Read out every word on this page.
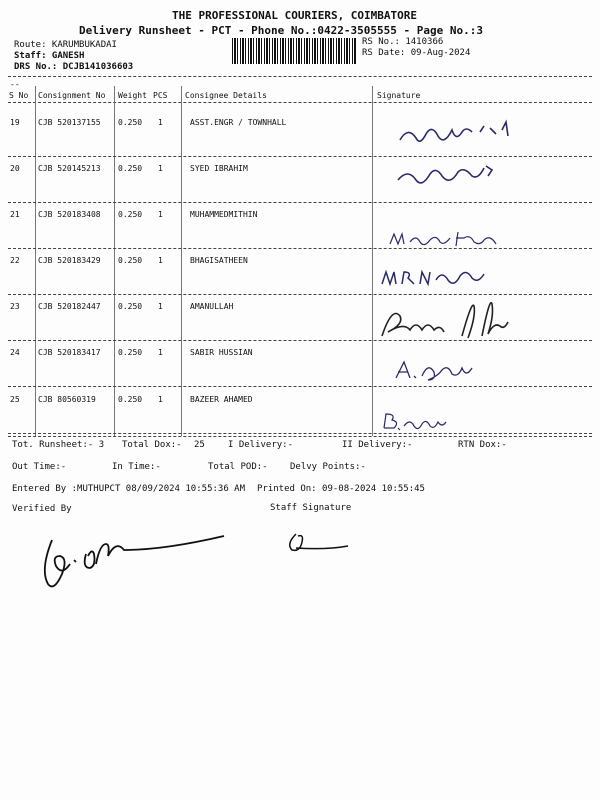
THE PROFESSIONAL COURIERS, COIMBATORE
Delivery Runsheet - PCT - Phone No.:0422-3505555 - Page No.:3
Route: KARUMBUKADAI
Staff: GANESH
DRS No.: DCJB141036603
RS No.: 1410366
RS Date: 09-Aug-2024
--
S No Consignment No Weight PCS Consignee Details	Signature
19 CJB 520137155 0.250 1	ASST.ENGR / TOWNHALL
20 CJB 520145213 0.250 1	SYED IBRAHIM
21 CJB 520183408 0.250 1	MUHAMMEDMITHIN
22 CJB 520183429 0.250 1	BHAGISATHEEN
23 CJB 520182447 0.250 1	AMANULLAH
24 CJB 520183417 0.250 1	SABIR HUSSIAN
25 CJB 80560319	0.250 1	BAZEER AHAMED
Tot. Runsheet:- 3 Total Dox:- 25	I Delivery:-	II Delivery:-	RTN Dox:-
Out Time:-	In Time:-	Total POD:- Delvy Points:-
Entered By :MUTHUPCT 08/09/2024 10:55:36 AM Printed On: 09-08-2024 10:55:45
Verified By	Staff Signature
